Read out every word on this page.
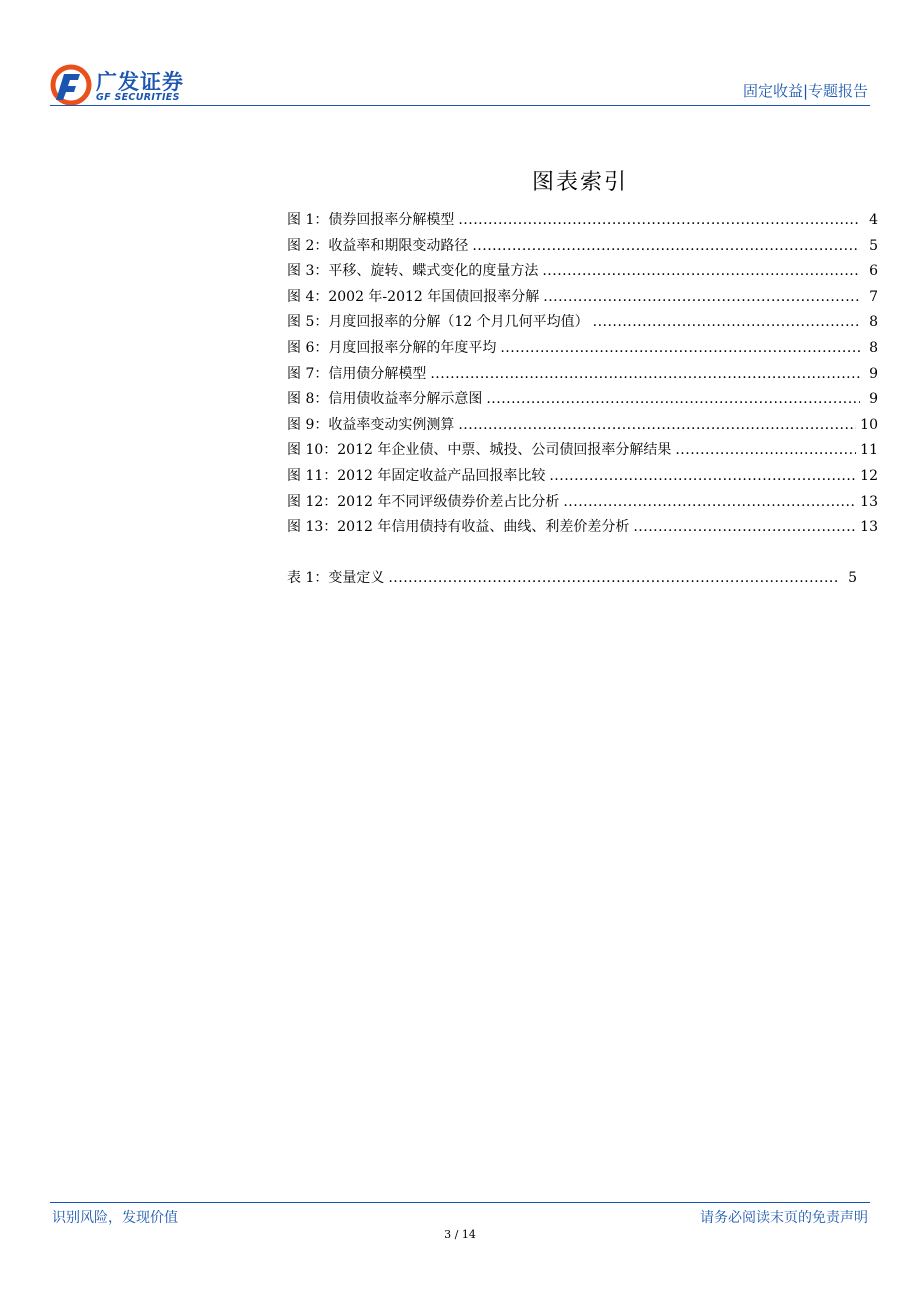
广发证券
GF SECURITIES	固定收益|专题报告
图表索引
图 1：债券回报率分解模型 .....	4
图 2：收益率和期限变动路径 .....	5
图 3：平移、旋转、蝶式变化的度量方法 .....	6
图 4：2002 年-2012 年国债回报率分解 .....	7
图 5：月度回报率的分解（12 个月几何平均值） .....	8
图 6：月度回报率分解的年度平均 .....	8
图 7：信用债分解模型 .....	9
图 8：信用债收益率分解示意图 .....	9
图 9：收益率变动实例测算 .....	10
图 10：2012 年企业债、中票、城投、公司债回报率分解结果 .....	11
图 11：2012 年固定收益产品回报率比较 .....	12
图 12：2012 年不同评级债券价差占比分析 .....	13
图 13：2012 年信用债持有收益、曲线、利差价差分析 .....	13
表 1：变量定义 .....	5
识别风险，发现价值	请务必阅读末页的免责声明
3 / 14
